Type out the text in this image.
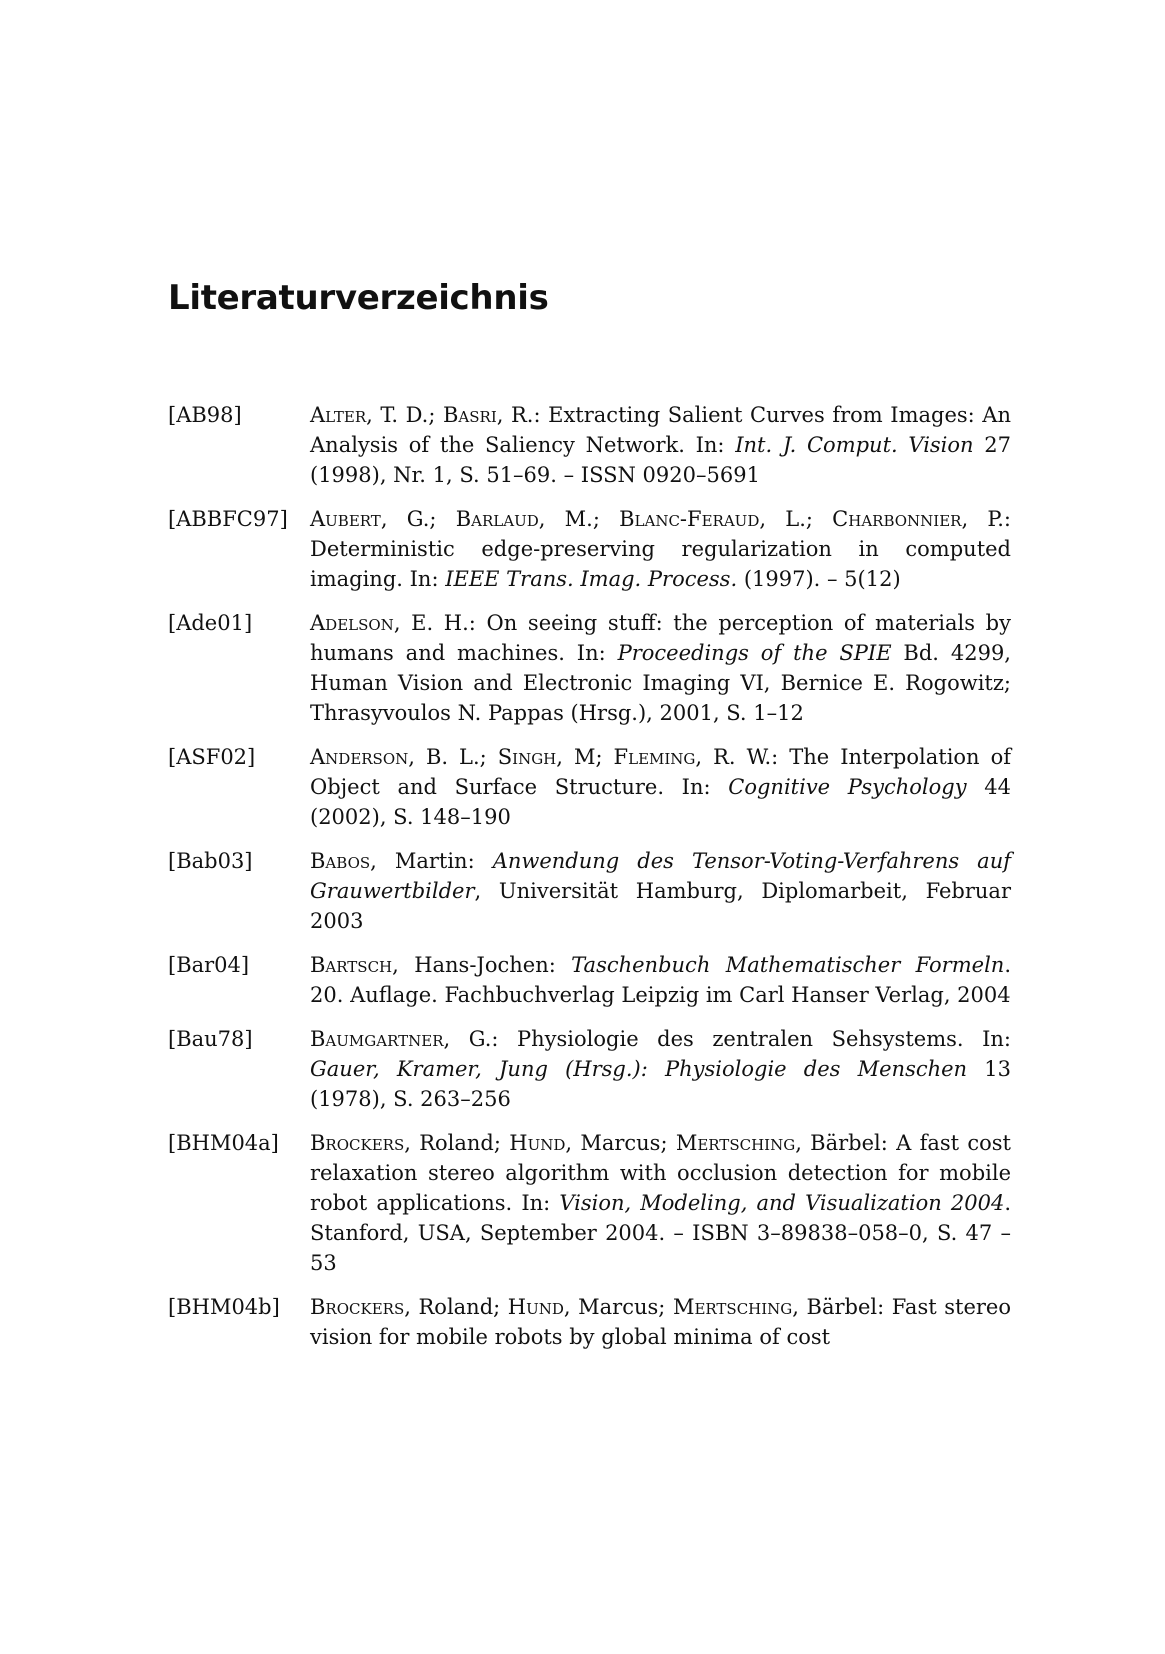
Literaturverzeichnis
[AB98]	Alter, T. D.; Basri, R.: Extracting Salient Curves from Images: An Analysis of the Saliency Network. In: Int. J. Comput. Vision 27 (1998), Nr. 1, S. 51–69. – ISSN 0920–5691
[ABBFC97] Aubert, G.; Barlaud, M.; Blanc-Feraud, L.; Charbonnier, P.: Deterministic edge-preserving regularization in computed imaging. In: IEEE Trans. Imag. Process. (1997). – 5(12)
[Ade01]	Adelson, E. H.: On seeing stuff: the perception of materials by humans and machines. In: Proceedings of the SPIE Bd. 4299, Human Vision and Electronic Imaging VI, Bernice E. Rogowitz; Thrasyvoulos N. Pappas (Hrsg.), 2001, S. 1–12
[ASF02]	Anderson, B. L.; Singh, M; Fleming, R. W.: The Interpolation of Object and Surface Structure. In: Cognitive Psychology 44 (2002), S. 148–190
[Bab03]	Babos, Martin: Anwendung des Tensor-Voting-Verfahrens auf Grauwertbilder, Universität Hamburg, Diplomarbeit, Februar 2003
[Bar04]	Bartsch, Hans-Jochen: Taschenbuch Mathematischer Formeln. 20. Auflage. Fachbuchverlag Leipzig im Carl Hanser Verlag, 2004
[Bau78]	Baumgartner, G.: Physiologie des zentralen Sehsystems. In: Gauer, Kramer, Jung (Hrsg.): Physiologie des Menschen 13 (1978), S. 263–256
[BHM04a] Brockers, Roland; Hund, Marcus; Mertsching, Bärbel: A fast cost relaxation stereo algorithm with occlusion detection for mobile robot applications. In: Vision, Modeling, and Visualization 2004. Stanford, USA, September 2004. – ISBN 3–89838–058–0, S. 47 – 53
[BHM04b] Brockers, Roland; Hund, Marcus; Mertsching, Bärbel: Fast stereo vision for mobile robots by global minima of cost
